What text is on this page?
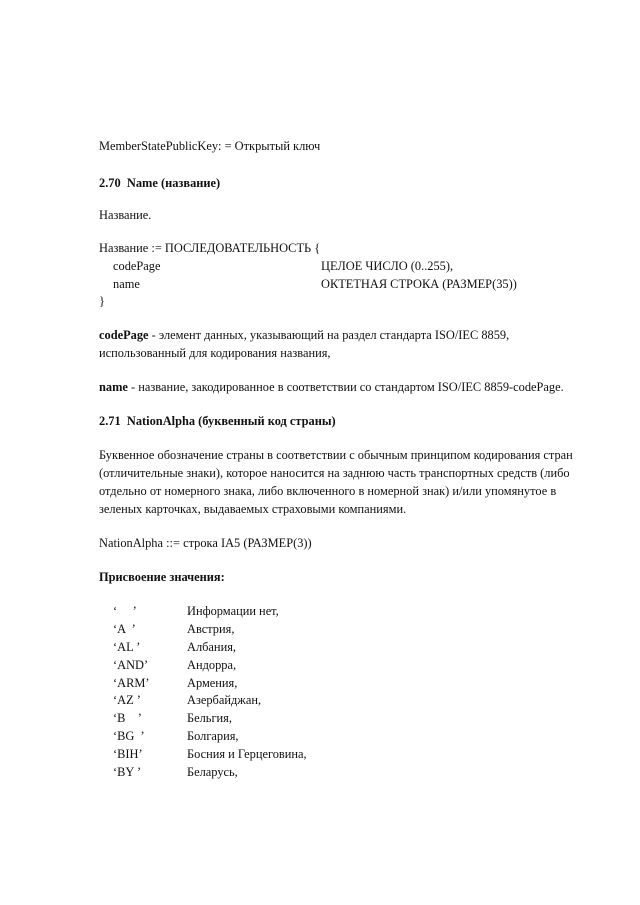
MemberStatePublicKey: = Открытый ключ
2.70 Name (название)
Название.
Название := ПОСЛЕДОВАТЕЛЬНОСТЬ {
codePage	ЦЕЛОЕ ЧИСЛО (0..255),
name	ОКТЕТНАЯ СТРОКА (РАЗМЕР(35))
}
codePage - элемент данных, указывающий на раздел стандарта ISO/IEC 8859,
использованный для кодирования названия,
name - название, закодированное в соответствии со стандартом ISO/IEC 8859-codePage.
2.71 NationAlpha (буквенный код страны)
Буквенное обозначение страны в соответствии с обычным принципом кодирования стран
(отличительные знаки), которое наносится на заднюю часть транспортных средств (либо
отдельно от номерного знака, либо включенного в номерной знак) и/или упомянутое в
зеленых карточках, выдаваемых страховыми компаниями.
NationAlpha ::= строка IA5 (РАЗМЕР(3))
Присвоение значения:
‘     ’	Информации нет,
‘A  ’	Австрия,
‘AL ’	Албания,
‘AND’	Андорра,
‘ARM’	Армения,
‘AZ ’	Азербайджан,
‘B    ’	Бельгия,
‘BG  ’	Болгария,
‘BIH’	Босния и Герцеговина,
‘BY ’	Беларусь,
